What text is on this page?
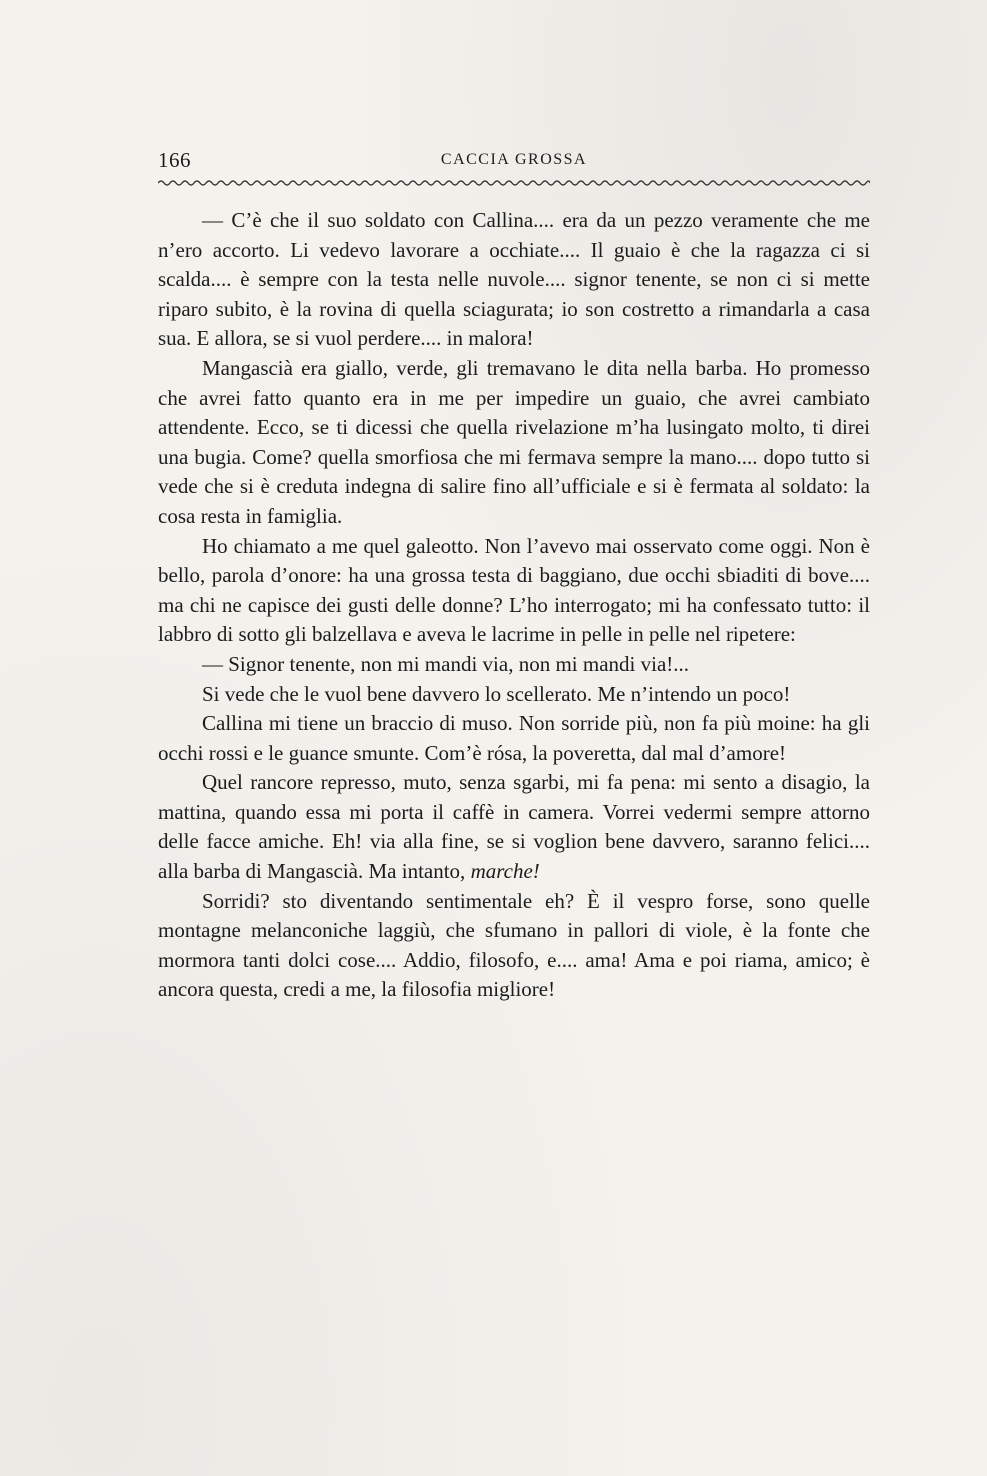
166	CACCIA GROSSA

— C’è che il suo soldato con Callina.... era da un pezzo veramente che me n’ero accorto. Li vedevo lavorare a occhiate.... Il guaio è che la ragazza ci si scalda.... è sempre con la testa nelle nuvole.... signor tenente, se non ci si mette riparo subito, è la rovina di quella sciagurata; io son costretto a rimandarla a casa sua. E allora, se si vuol perdere.... in malora!

Mangascià era giallo, verde, gli tremavano le dita nella barba. Ho promesso che avrei fatto quanto era in me per impedire un guaio, che avrei cambiato attendente. Ecco, se ti dicessi che quella rivelazione m’ha lusingato molto, ti direi una bugia. Come? quella smorfiosa che mi fermava sempre la mano.... dopo tutto si vede che si è creduta indegna di salire fino all’ufficiale e si è fermata al soldato: la cosa resta in famiglia.

Ho chiamato a me quel galeotto. Non l’avevo mai osservato come oggi. Non è bello, parola d’onore: ha una grossa testa di baggiano, due occhi sbiaditi di bove.... ma chi ne capisce dei gusti delle donne? L’ho interrogato; mi ha confessato tutto: il labbro di sotto gli balzellava e aveva le lacrime in pelle in pelle nel ripetere:

— Signor tenente, non mi mandi via, non mi mandi via!...

Si vede che le vuol bene davvero lo scellerato. Me n’intendo un poco!

Callina mi tiene un braccio di muso. Non sorride più, non fa più moine: ha gli occhi rossi e le guance smunte. Com’è rósa, la poveretta, dal mal d’amore!

Quel rancore represso, muto, senza sgarbi, mi fa pena: mi sento a disagio, la mattina, quando essa mi porta il caffè in camera. Vorrei vedermi sempre attorno delle facce amiche. Eh! via alla fine, se si voglion bene davvero, saranno felici.... alla barba di Mangascià. Ma intanto, marche!

Sorridi? sto diventando sentimentale eh? È il vespro forse, sono quelle montagne melanconiche laggiù, che sfumano in pallori di viole, è la fonte che mormora tanti dolci cose.... Addio, filosofo, e.... ama! Ama e poi riama, amico; è ancora questa, credi a me, la filosofia migliore!
